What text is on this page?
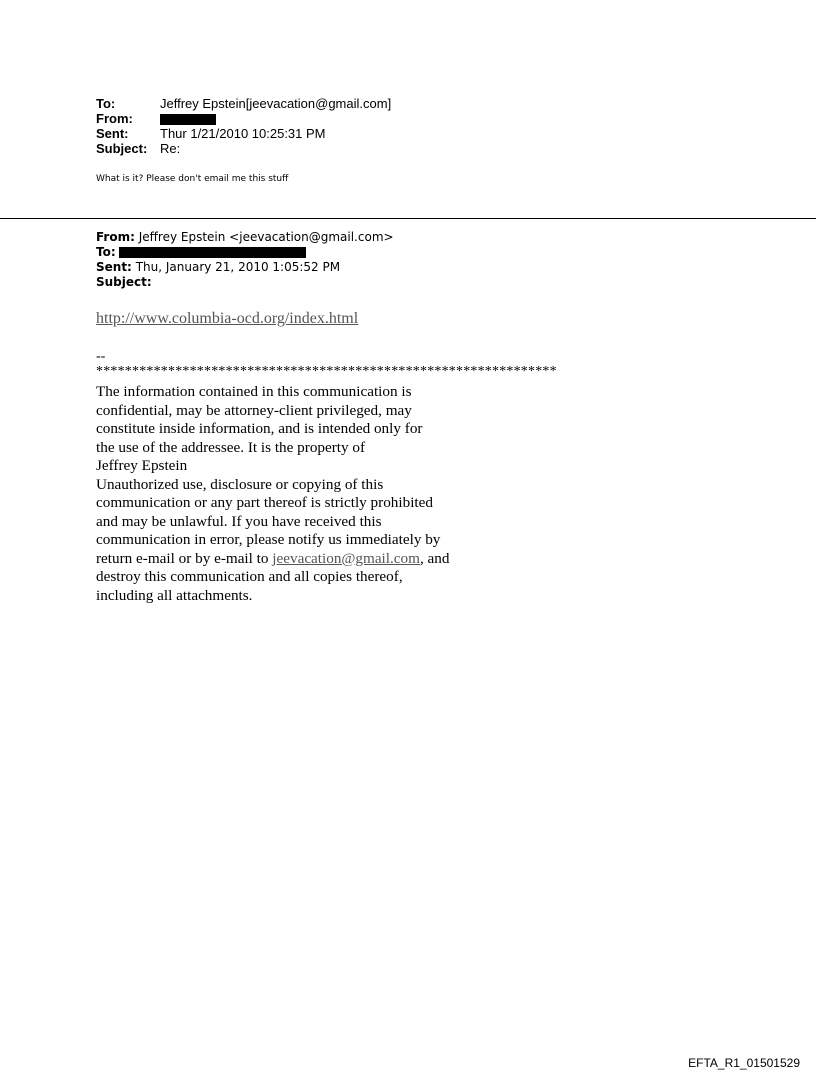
To:	Jeffrey Epstein[jeevacation@gmail.com]
From:
Sent:	Thur 1/21/2010 10:25:31 PM
Subject: Re:
What is it? Please don't email me this stuff
From: Jeffrey Epstein <jeevacation@gmail.com>
To:
Sent: Thu, January 21, 2010 1:05:52 PM
Subject:
http://www.columbia-ocd.org/index.html
--
****************************************************************
The information contained in this communication is
confidential, may be attorney-client privileged, may
constitute inside information, and is intended only for
the use of the addressee. It is the property of
Jeffrey Epstein
Unauthorized use, disclosure or copying of this
communication or any part thereof is strictly prohibited
and may be unlawful. If you have received this
communication in error, please notify us immediately by
return e-mail or by e-mail to jeevacation@gmail.com, and
destroy this communication and all copies thereof,
including all attachments.
EFTA_R1_01501529
